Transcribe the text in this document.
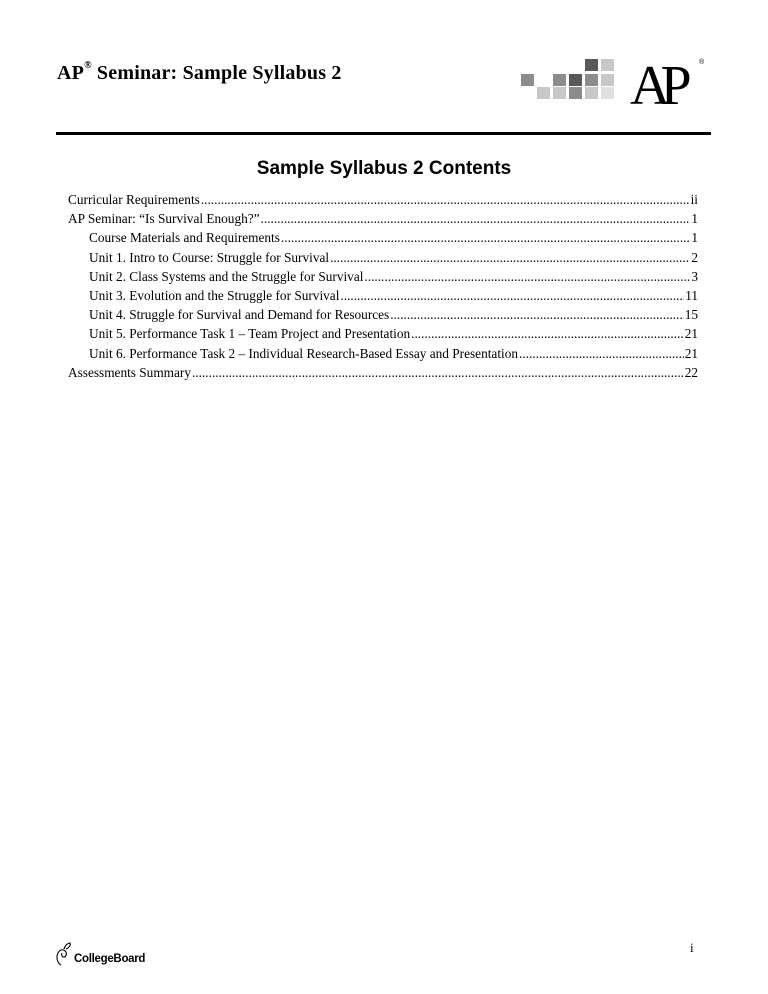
AP® Seminar: Sample Syllabus 2	AP	®
Sample Syllabus 2 Contents
Curricular Requirements .....	ii
AP Seminar: “Is Survival Enough?” .....	1
Course Materials and Requirements .....	1
Unit 1. Intro to Course: Struggle for Survival .....	2
Unit 2. Class Systems and the Struggle for Survival .....	3
Unit 3. Evolution and the Struggle for Survival .....	11
Unit 4. Struggle for Survival and Demand for Resources .....	15
Unit 5. Performance Task 1 – Team Project and Presentation .....	21
Unit 6. Performance Task 2 – Individual Research-Based Essay and Presentation .....	21
Assessments Summary .....	22
CollegeBoard
i
